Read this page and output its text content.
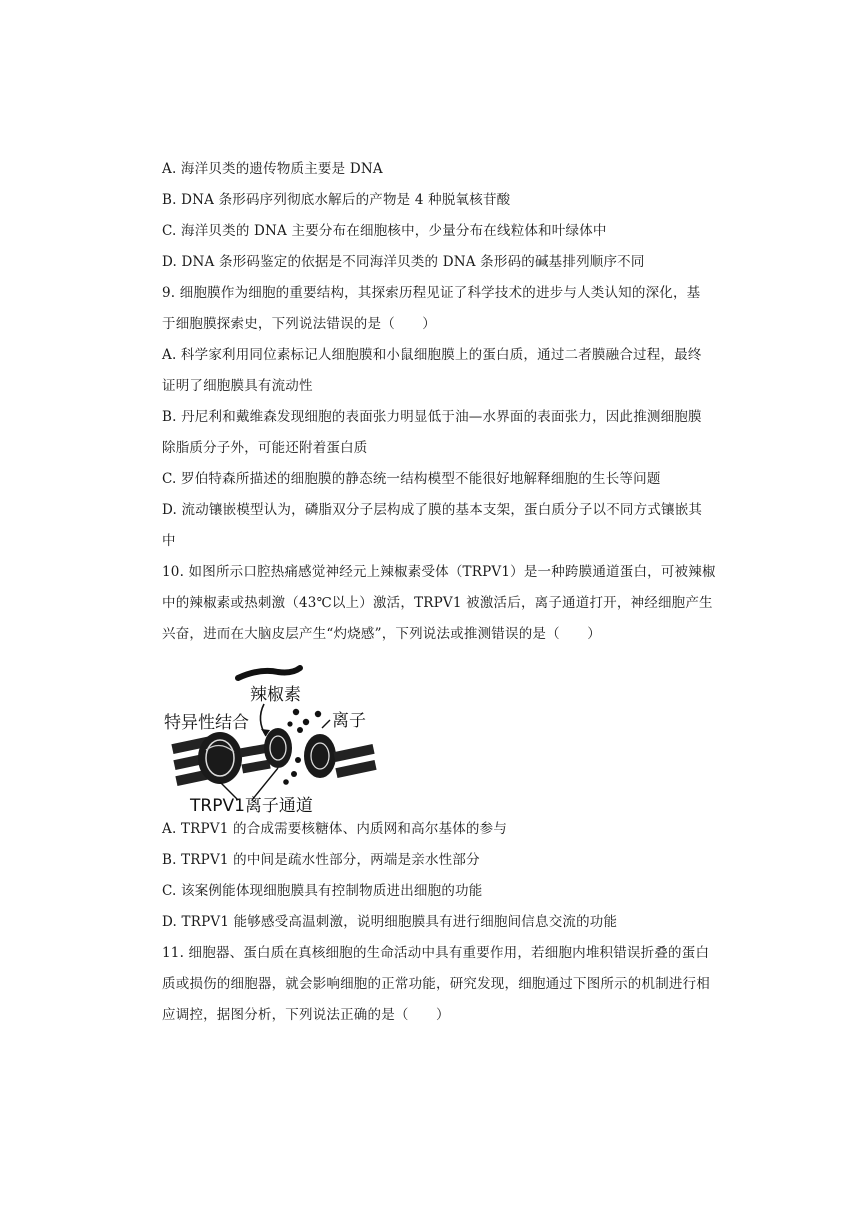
A. 海洋贝类的遗传物质主要是 DNA
B. DNA 条形码序列彻底水解后的产物是 4 种脱氧核苷酸
C. 海洋贝类的 DNA 主要分布在细胞核中，少量分布在线粒体和叶绿体中
D. DNA 条形码鉴定的依据是不同海洋贝类的 DNA 条形码的碱基排列顺序不同
9. 细胞膜作为细胞的重要结构，其探索历程见证了科学技术的进步与人类认知的深化，基
于细胞膜探索史，下列说法错误的是（　　）
A. 科学家利用同位素标记人细胞膜和小鼠细胞膜上的蛋白质，通过二者膜融合过程，最终
证明了细胞膜具有流动性
B. 丹尼利和戴维森发现细胞的表面张力明显低于油—水界面的表面张力，因此推测细胞膜
除脂质分子外，可能还附着蛋白质
C. 罗伯特森所描述的细胞膜的静态统一结构模型不能很好地解释细胞的生长等问题
D. 流动镶嵌模型认为，磷脂双分子层构成了膜的基本支架，蛋白质分子以不同方式镶嵌其
中
10. 如图所示口腔热痛感觉神经元上辣椒素受体（TRPV1）是一种跨膜通道蛋白，可被辣椒
中的辣椒素或热刺激（43℃以上）激活，TRPV1 被激活后，离子通道打开，神经细胞产生
兴奋，进而在大脑皮层产生“灼烧感”，下列说法或推测错误的是（　　）
辣椒素
特异性结合	离子
TRPV1离子通道
A. TRPV1 的合成需要核糖体、内质网和高尔基体的参与
B. TRPV1 的中间是疏水性部分，两端是亲水性部分
C. 该案例能体现细胞膜具有控制物质进出细胞的功能
D. TRPV1 能够感受高温刺激，说明细胞膜具有进行细胞间信息交流的功能
11. 细胞器、蛋白质在真核细胞的生命活动中具有重要作用，若细胞内堆积错误折叠的蛋白
质或损伤的细胞器，就会影响细胞的正常功能，研究发现，细胞通过下图所示的机制进行相
应调控，据图分析，下列说法正确的是（　　）
